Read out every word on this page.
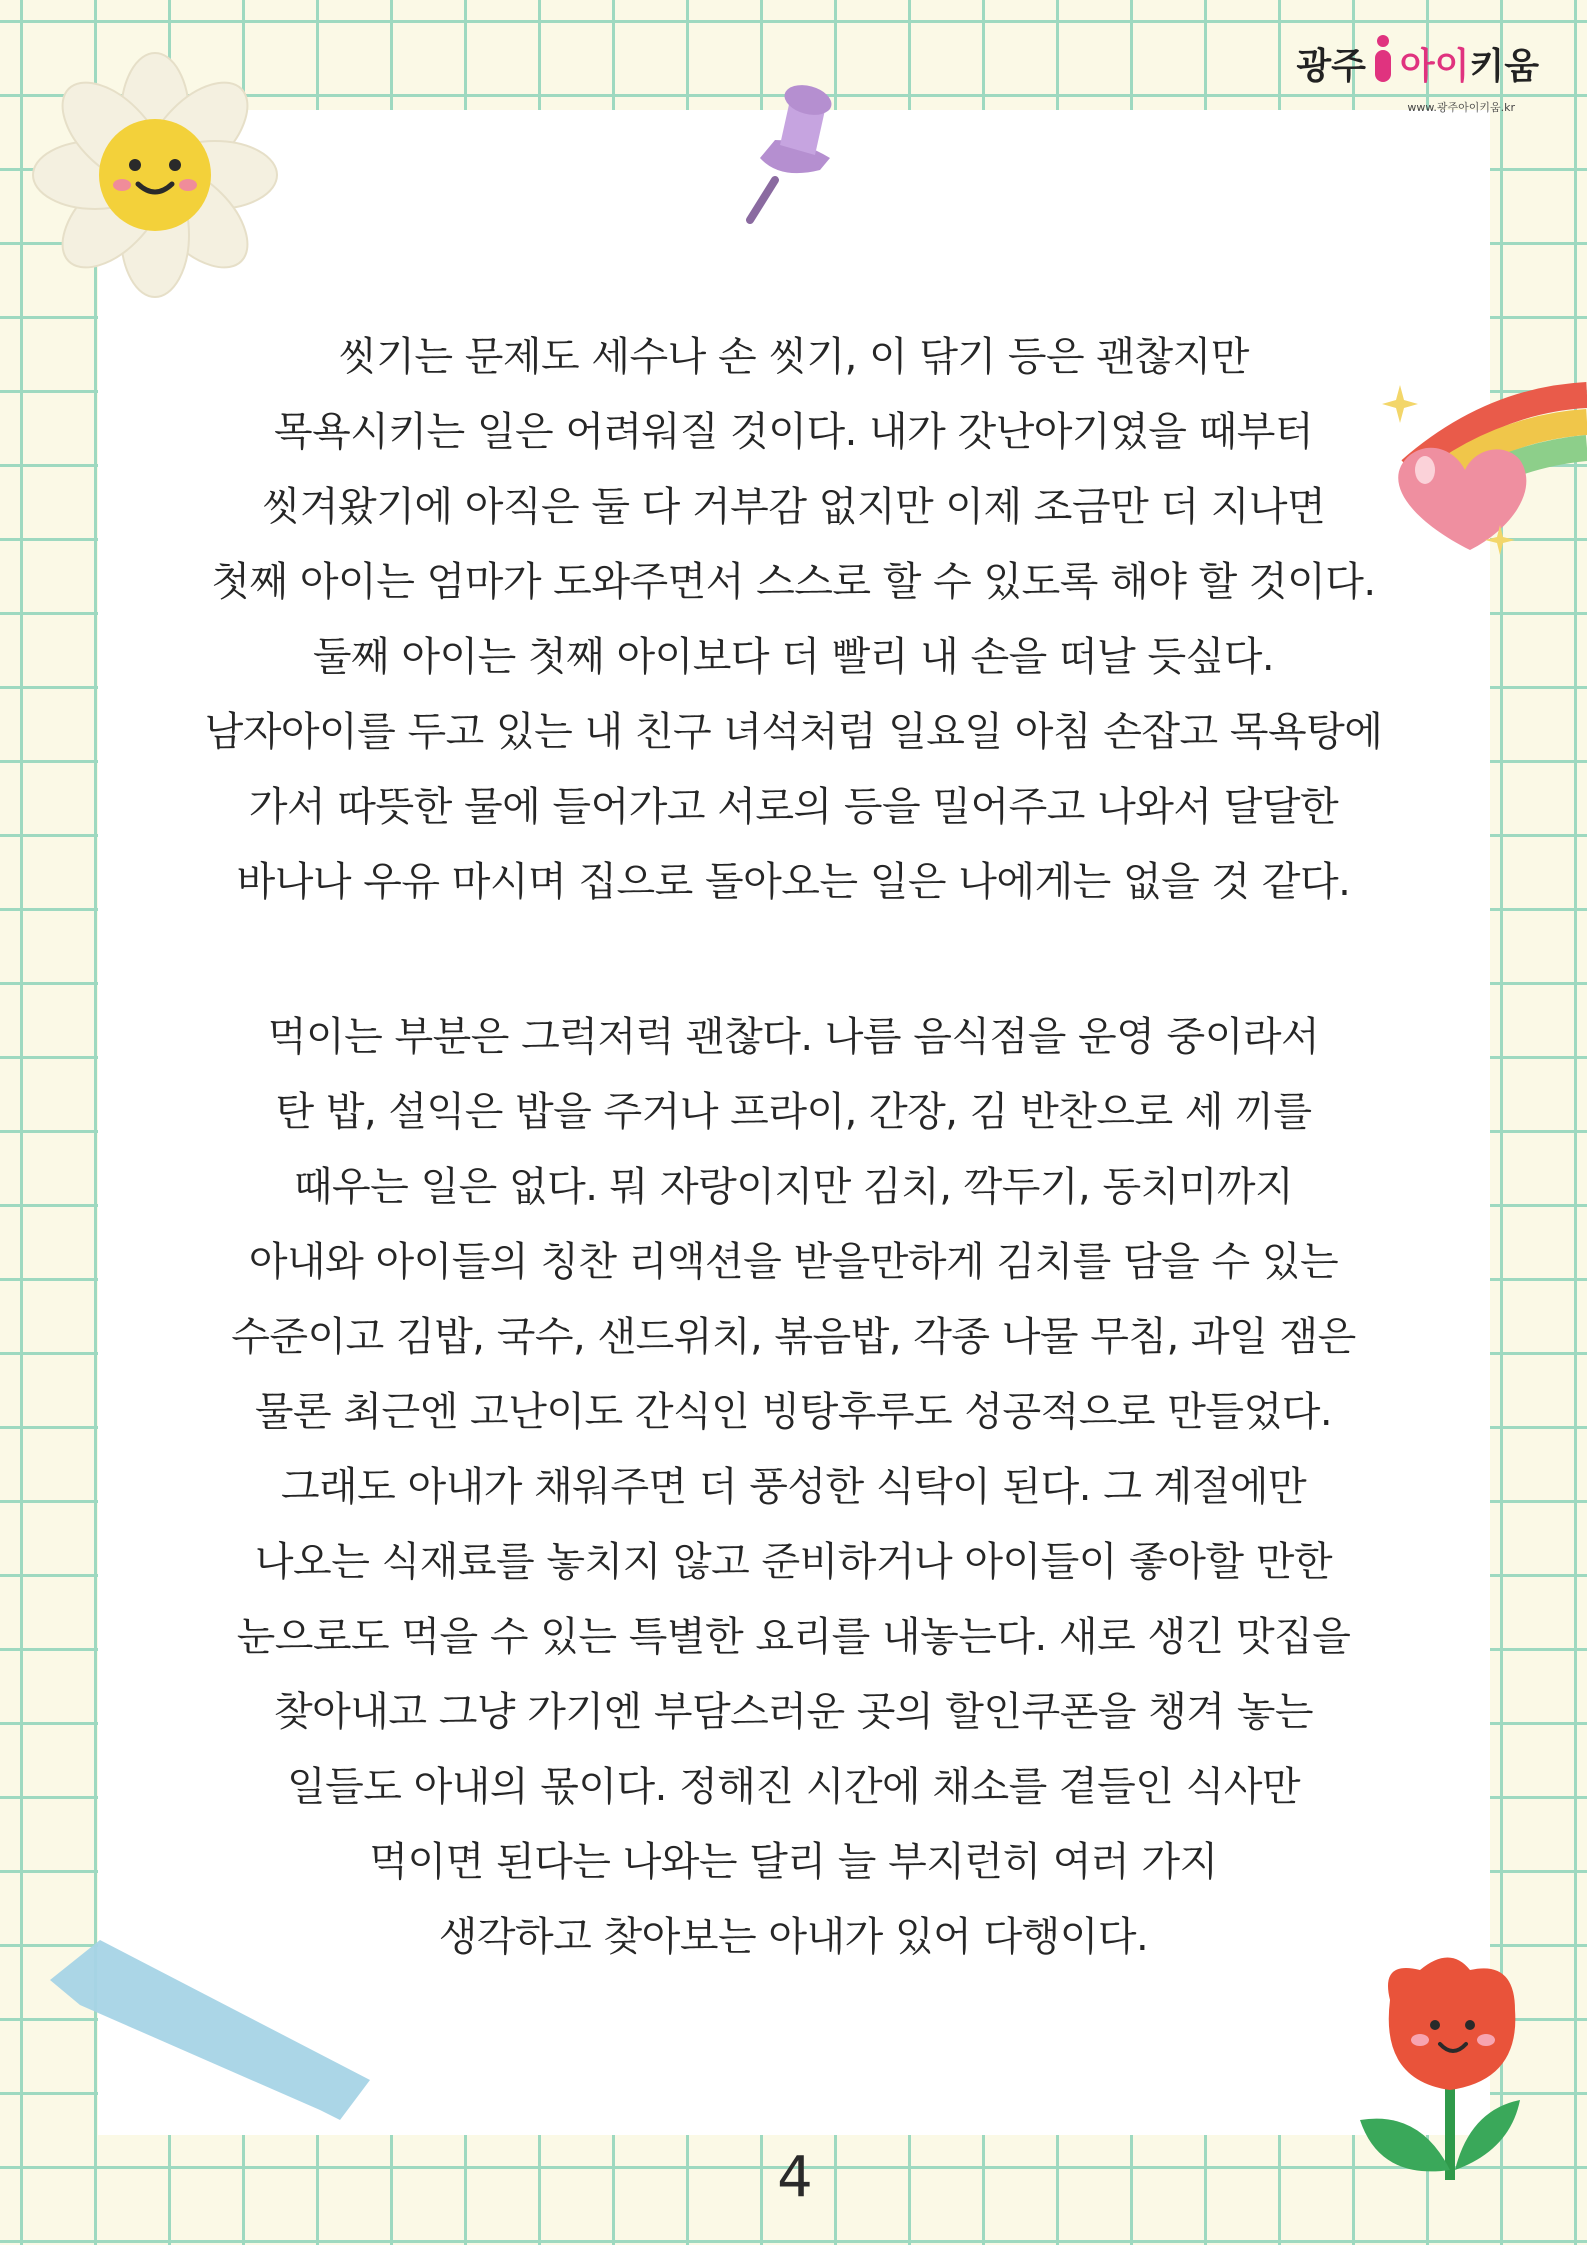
광주 아이키움
www.광주아이키움.kr
씻기는 문제도 세수나 손 씻기, 이 닦기 등은 괜찮지만
목욕시키는 일은 어려워질 것이다. 내가 갓난아기였을 때부터
씻겨왔기에 아직은 둘 다 거부감 없지만 이제 조금만 더 지나면
첫째 아이는 엄마가 도와주면서 스스로 할 수 있도록 해야 할 것이다.
둘째 아이는 첫째 아이보다 더 빨리 내 손을 떠날 듯싶다.
남자아이를 두고 있는 내 친구 녀석처럼 일요일 아침 손잡고 목욕탕에
가서 따뜻한 물에 들어가고 서로의 등을 밀어주고 나와서 달달한
바나나 우유 마시며 집으로 돌아오는 일은 나에게는 없을 것 같다.
먹이는 부분은 그럭저럭 괜찮다. 나름 음식점을 운영 중이라서
탄 밥, 설익은 밥을 주거나 프라이, 간장, 김 반찬으로 세 끼를
때우는 일은 없다. 뭐 자랑이지만 김치, 깍두기, 동치미까지
아내와 아이들의 칭찬 리액션을 받을만하게 김치를 담을 수 있는
수준이고 김밥, 국수, 샌드위치, 볶음밥, 각종 나물 무침, 과일 잼은
물론 최근엔 고난이도 간식인 빙탕후루도 성공적으로 만들었다.
그래도 아내가 채워주면 더 풍성한 식탁이 된다. 그 계절에만
나오는 식재료를 놓치지 않고 준비하거나 아이들이 좋아할 만한
눈으로도 먹을 수 있는 특별한 요리를 내놓는다. 새로 생긴 맛집을
찾아내고 그냥 가기엔 부담스러운 곳의 할인쿠폰을 챙겨 놓는
일들도 아내의 몫이다. 정해진 시간에 채소를 곁들인 식사만
먹이면 된다는 나와는 달리 늘 부지런히 여러 가지
생각하고 찾아보는 아내가 있어 다행이다.
4
